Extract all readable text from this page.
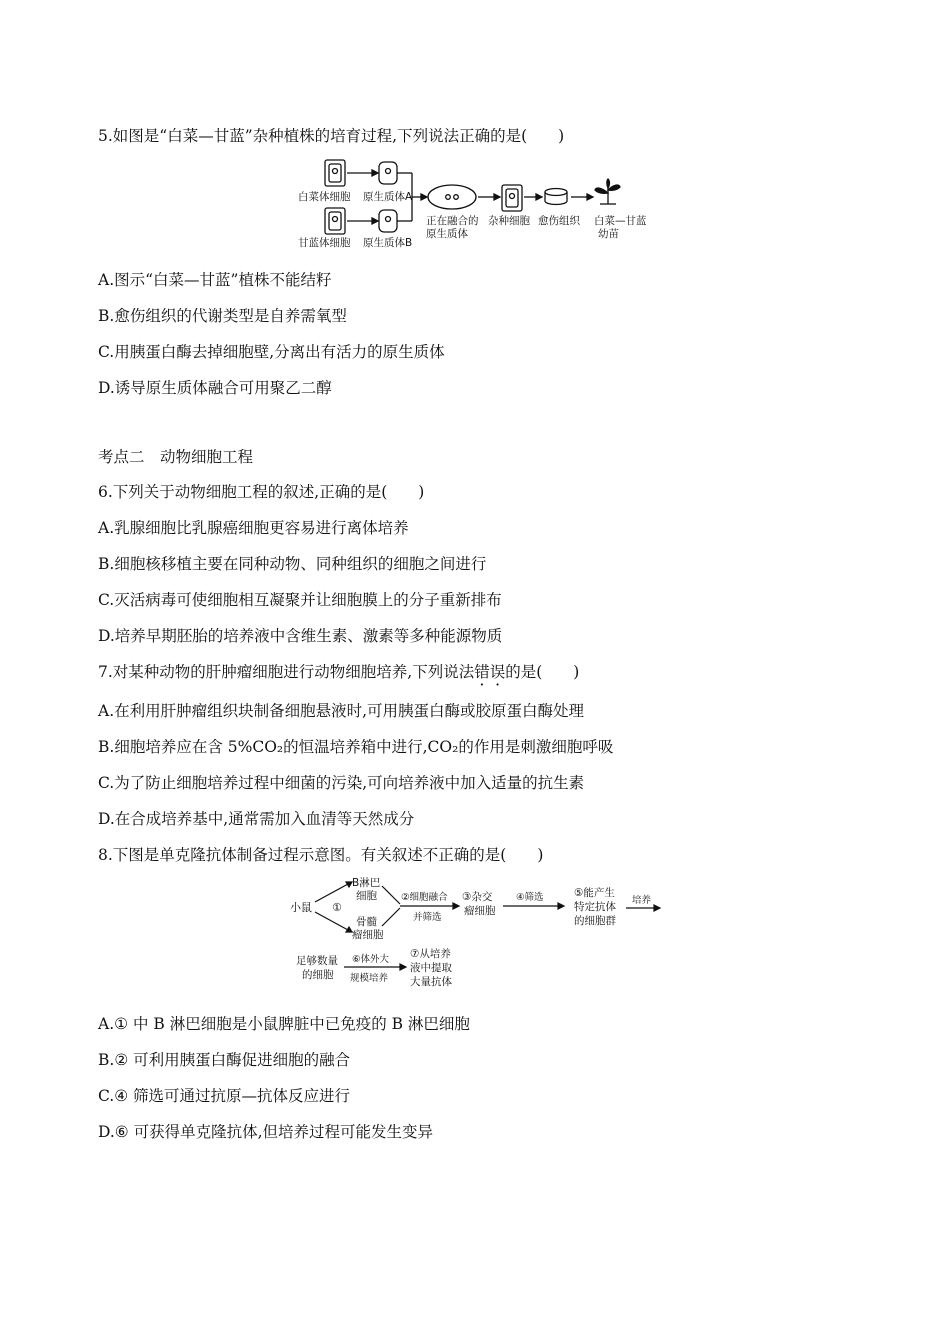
5.如图是“白菜—甘蓝”杂种植株的培育过程,下列说法正确的是(　　)
白菜体细胞 原生质体A
甘蓝体细胞 原生质体B
正在融合的
原生质体
杂种细胞 愈伤组织 白菜—甘蓝
幼苗
A.图示“白菜—甘蓝”植株不能结籽
B.愈伤组织的代谢类型是自养需氧型
C.用胰蛋白酶去掉细胞壁,分离出有活力的原生质体
D.诱导原生质体融合可用聚乙二醇
考点二　动物细胞工程
6.下列关于动物细胞工程的叙述,正确的是(　　)
A.乳腺细胞比乳腺癌细胞更容易进行离体培养
B.细胞核移植主要在同种动物、同种组织的细胞之间进行
C.灭活病毒可使细胞相互凝聚并让细胞膜上的分子重新排布
D.培养早期胚胎的培养液中含维生素、激素等多种能源物质
7.对某种动物的肝肿瘤细胞进行动物细胞培养,下列说法错误的是(　　)
A.在利用肝肿瘤组织块制备细胞悬液时,可用胰蛋白酶或胶原蛋白酶处理
B.细胞培养应在含 5%CO₂的恒温培养箱中进行,CO₂的作用是刺激细胞呼吸
C.为了防止细胞培养过程中细菌的污染,可向培养液中加入适量的抗生素
D.在合成培养基中,通常需加入血清等天然成分
8.下图是单克隆抗体制备过程示意图。有关叙述不正确的是(　　)
小鼠 ①
B淋巴
细胞
骨髓
瘤细胞
②细胞融合
并筛选
③杂交
瘤细胞
④筛选	⑤能产生
特定抗体
的细胞群
培养
足够数量
的细胞
⑥体外大
规模培养
⑦从培养
液中提取
大量抗体
A.① 中 B 淋巴细胞是小鼠脾脏中已免疫的 B 淋巴细胞
B.② 可利用胰蛋白酶促进细胞的融合
C.④ 筛选可通过抗原—抗体反应进行
D.⑥ 可获得单克隆抗体,但培养过程可能发生变异
